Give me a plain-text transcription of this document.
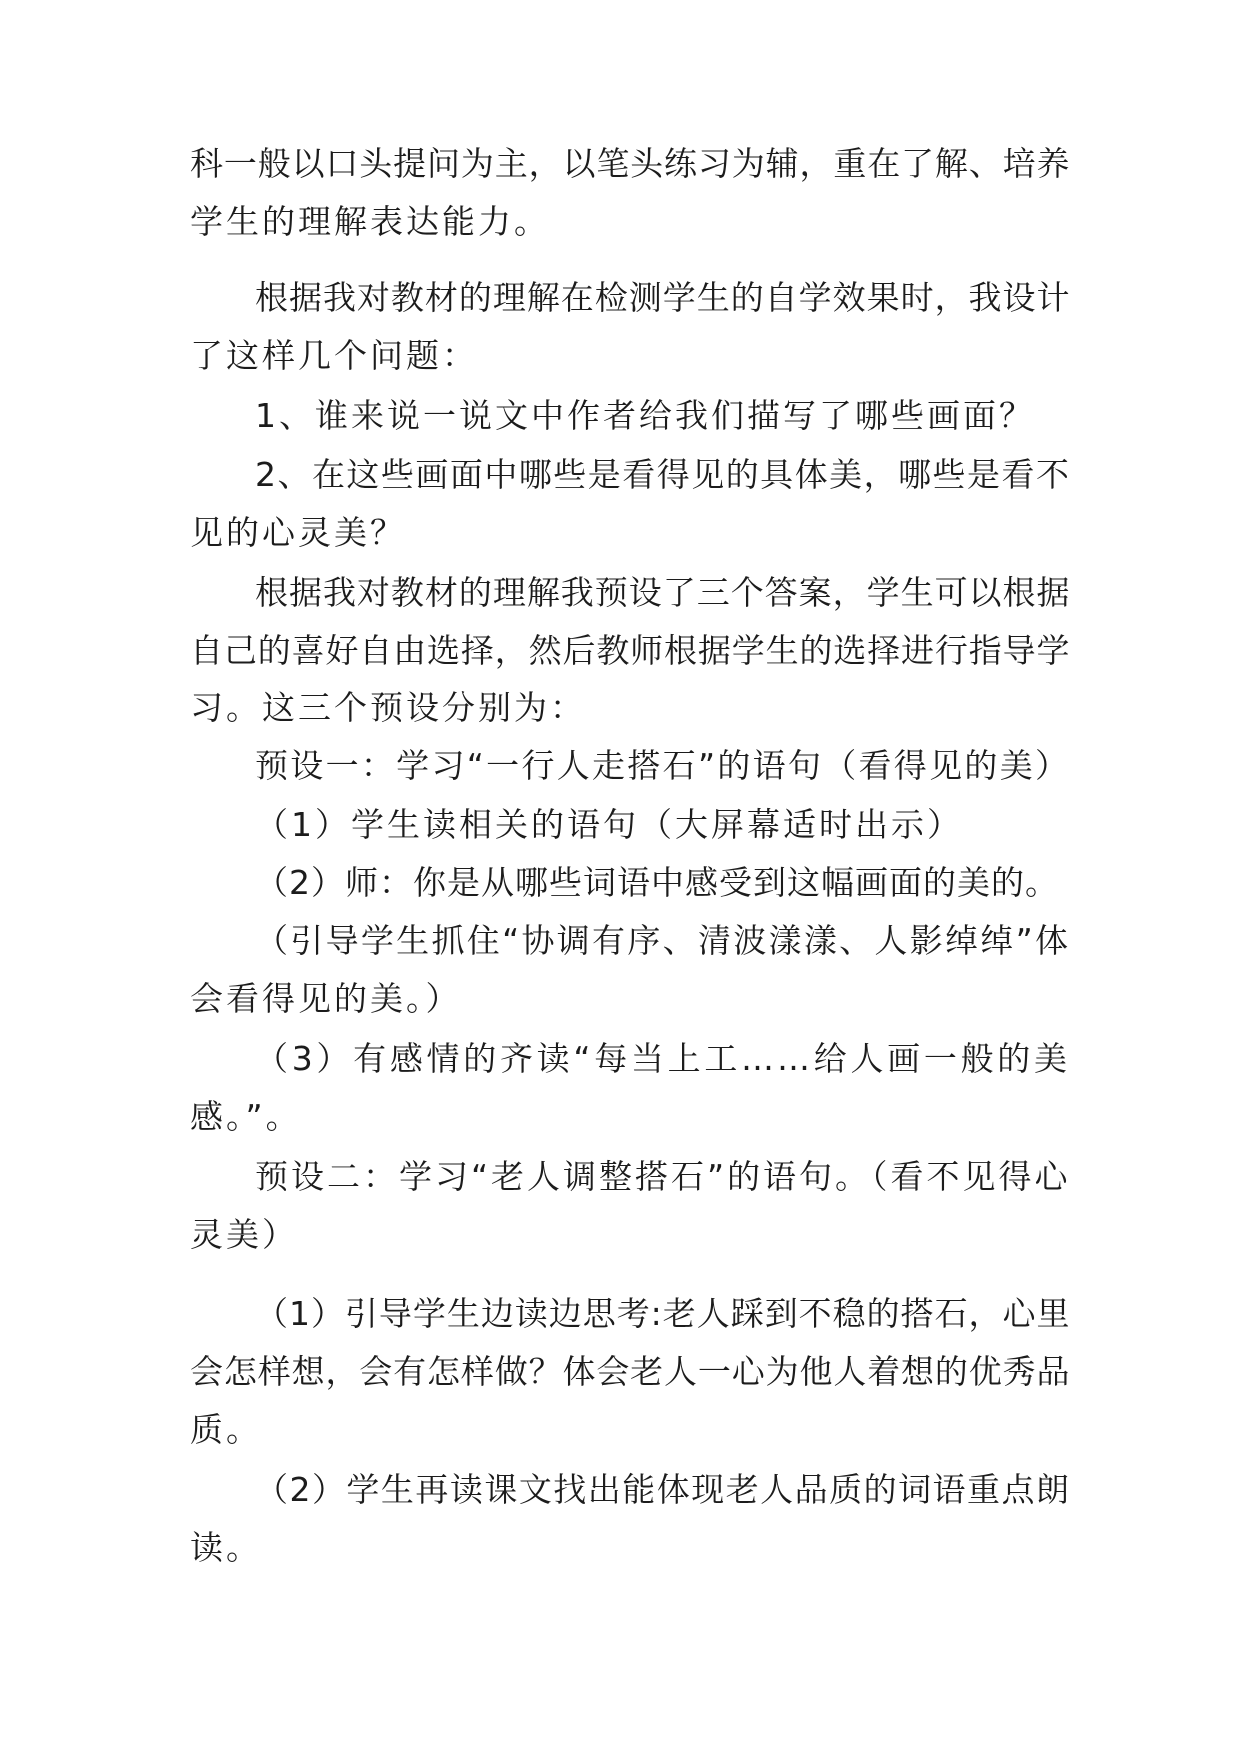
科一般以口头提问为主，以笔头练习为辅，重在了解、培养
学生的理解表达能力。
根据我对教材的理解在检测学生的自学效果时，我设计
了这样几个问题：
1、谁来说一说文中作者给我们描写了哪些画面？
2、在这些画面中哪些是看得见的具体美，哪些是看不
见的心灵美？
根据我对教材的理解我预设了三个答案，学生可以根据
自己的喜好自由选择，然后教师根据学生的选择进行指导学
习。这三个预设分别为：
预设一：学习“一行人走搭石”的语句（看得见的美）
（1）学生读相关的语句（大屏幕适时出示）
（2）师：你是从哪些词语中感受到这幅画面的美的。
（引导学生抓住“协调有序、清波漾漾、人影绰绰”体
会看得见的美。）
（3）有感情的齐读“每当上工……给人画一般的美
感。”。
预设二：学习“老人调整搭石”的语句。（看不见得心
灵美）
（1）引导学生边读边思考:老人踩到不稳的搭石，心里
会怎样想，会有怎样做？体会老人一心为他人着想的优秀品
质。
（2）学生再读课文找出能体现老人品质的词语重点朗
读。
